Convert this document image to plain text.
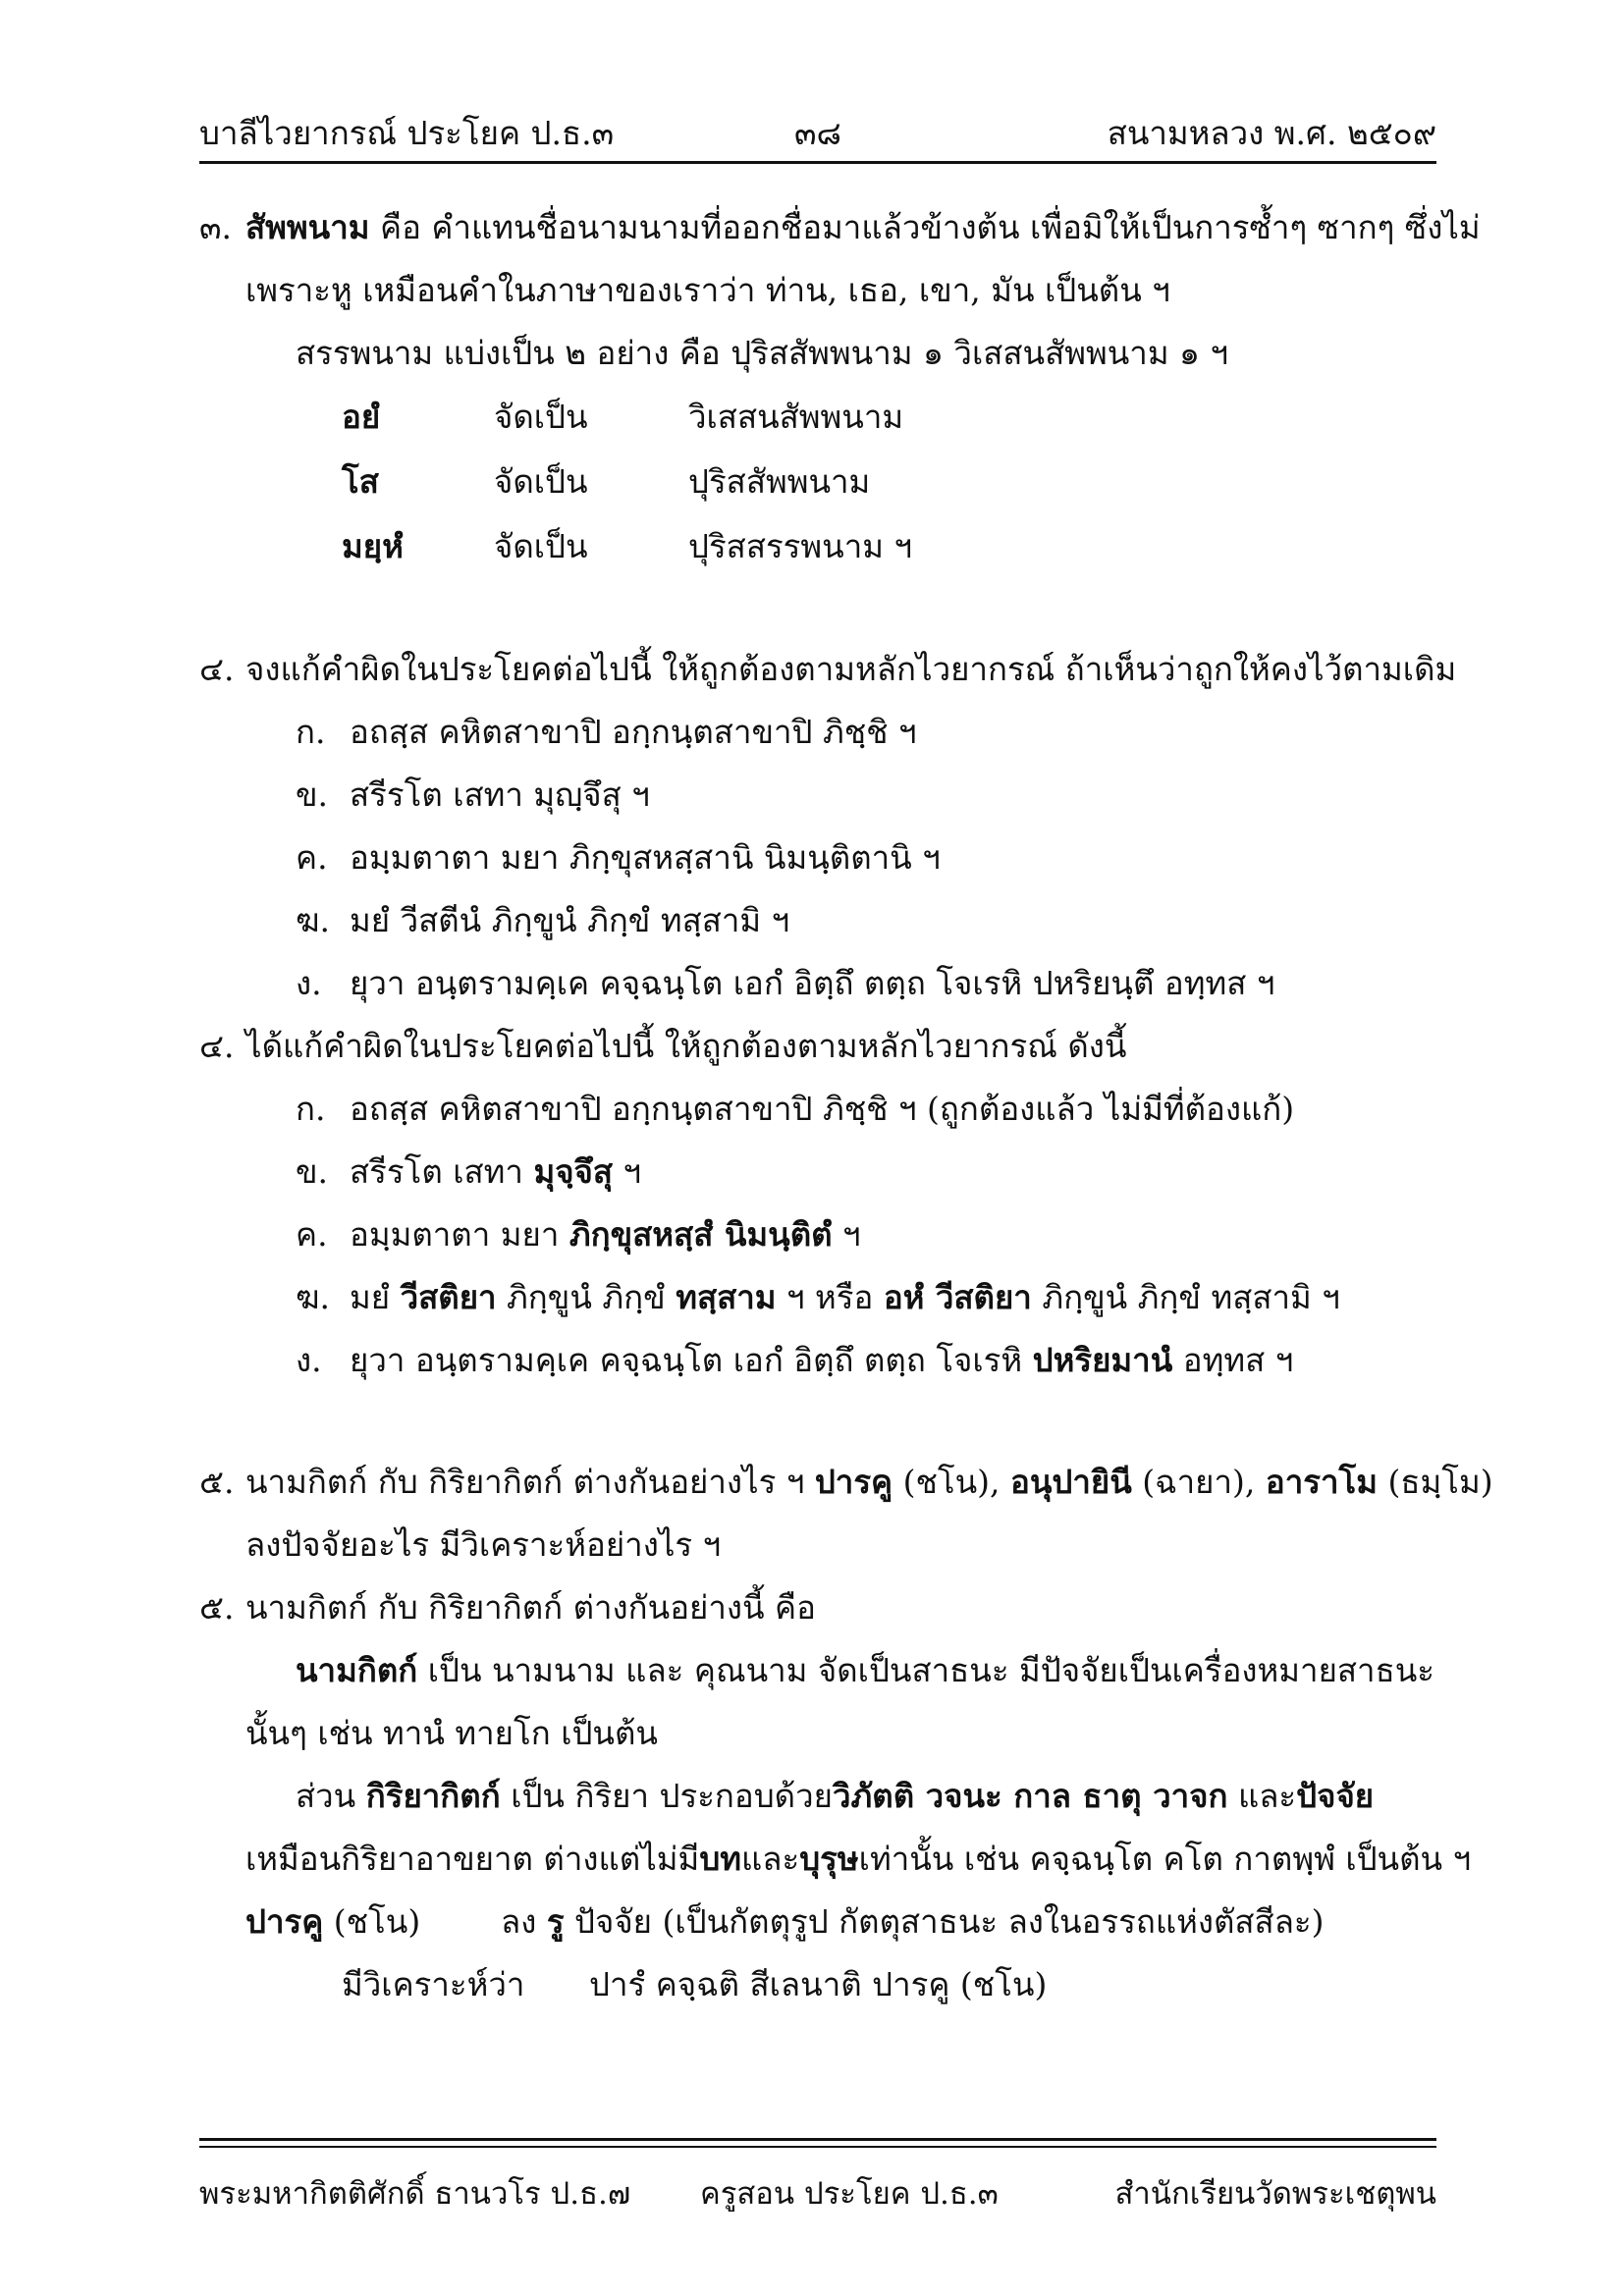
บาลีไวยากรณ์ ประโยค ป.ธ.๓	๓๘	สนามหลวง พ.ศ. ๒๕๐๙
๓. สัพพนาม คือ คำแทนชื่อนามนามที่ออกชื่อมาแล้วข้างต้น เพื่อมิให้เป็นการซ้ำๆ ซากๆ ซึ่งไม่
เพราะหู เหมือนคำในภาษาของเราว่า ท่าน, เธอ, เขา, มัน เป็นต้น ฯ
สรรพนาม แบ่งเป็น ๒ อย่าง คือ ปุริสสัพพนาม ๑ วิเสสนสัพพนาม ๑ ฯ
อยํ	จัดเป็น	วิเสสนสัพพนาม
โส	จัดเป็น	ปุริสสัพพนาม
มยฺหํ	จัดเป็น	ปุริสสรรพนาม ฯ
๔. จงแก้คำผิดในประโยคต่อไปนี้ ให้ถูกต้องตามหลักไวยากรณ์ ถ้าเห็นว่าถูกให้คงไว้ตามเดิม
ก. อถสฺส คหิตสาขาปิ อกฺกนฺตสาขาปิ ภิชฺชิ ฯ
ข. สรีรโต เสทา มุญฺจึสุ ฯ
ค. อมฺมตาตา มยา ภิกฺขุสหสฺสานิ นิมนฺติตานิ ฯ
ฆ. มยํ วีสตีนํ ภิกฺขูนํ ภิกฺขํ ทสฺสามิ ฯ
ง. ยุวา อนฺตรามคฺเค คจฺฉนฺโต เอกํ อิตฺถึ ตตฺถ โจเรหิ ปหริยนฺตึ อทฺทส ฯ
๔. ได้แก้คำผิดในประโยคต่อไปนี้ ให้ถูกต้องตามหลักไวยากรณ์ ดังนี้
ก. อถสฺส คหิตสาขาปิ อกฺกนฺตสาขาปิ ภิชฺชิ ฯ (ถูกต้องแล้ว ไม่มีที่ต้องแก้)
ข. สรีรโต เสทา มุจฺจึสุ ฯ
ค. อมฺมตาตา มยา ภิกฺขุสหสฺสํ นิมนฺติตํ ฯ
ฆ. มยํ วีสติยา ภิกฺขูนํ ภิกฺขํ ทสฺสาม ฯ หรือ อหํ วีสติยา ภิกฺขูนํ ภิกฺขํ ทสฺสามิ ฯ
ง. ยุวา อนฺตรามคฺเค คจฺฉนฺโต เอกํ อิตฺถึ ตตฺถ โจเรหิ ปหริยมานํ อทฺทส ฯ
๕. นามกิตก์ กับ กิริยากิตก์ ต่างกันอย่างไร ฯ ปารคู (ชโน), อนุปายินี (ฉายา), อาราโม (ธมฺโม)
ลงปัจจัยอะไร มีวิเคราะห์อย่างไร ฯ
๕. นามกิตก์ กับ กิริยากิตก์ ต่างกันอย่างนี้ คือ
นามกิตก์ เป็น นามนาม และ คุณนาม จัดเป็นสาธนะ มีปัจจัยเป็นเครื่องหมายสาธนะ
นั้นๆ เช่น ทานํ ทายโก เป็นต้น
ส่วน กิริยากิตก์ เป็น กิริยา ประกอบด้วยวิภัตติ วจนะ กาล ธาตุ วาจก และปัจจัย
เหมือนกิริยาอาขยาต ต่างแต่ไม่มีบทและบุรุษเท่านั้น เช่น คจฺฉนฺโต คโต กาตพฺพํ เป็นต้น ฯ
ปารคู (ชโน) ลง รู ปัจจัย (เป็นกัตตุรูป กัตตุสาธนะ ลงในอรรถแห่งตัสสีละ)
มีวิเคราะห์ว่า ปารํ คจฺฉติ สีเลนาติ ปารคู (ชโน)
พระมหากิตติศักดิ์ ธานวโร ป.ธ.๗ ครูสอน ประโยค ป.ธ.๓	สำนักเรียนวัดพระเชตุพน
